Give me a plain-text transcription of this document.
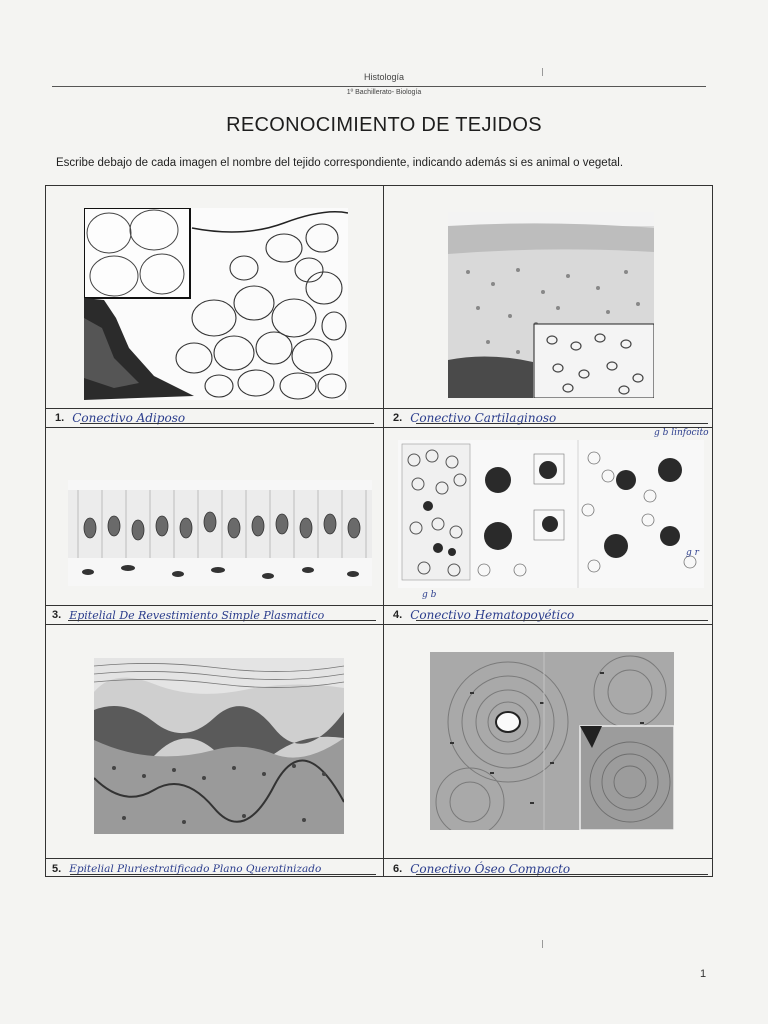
Histología
1º Bachillerato- Biología
RECONOCIMIENTO DE TEJIDOS
Escribe debajo de cada imagen el nombre del tejido correspondiente, indicando además si es animal o vegetal.
g b linfocito
g b
g r
1. Conectivo Adiposo	2. Conectivo Cartilaginoso
3. Epitelial De Revestimiento Simple Plasmatico	4. Conectivo Hematopoyético
5. Epitelial Pluriestratificado Plano Queratinizado	6. Conectivo Óseo Compacto
1
